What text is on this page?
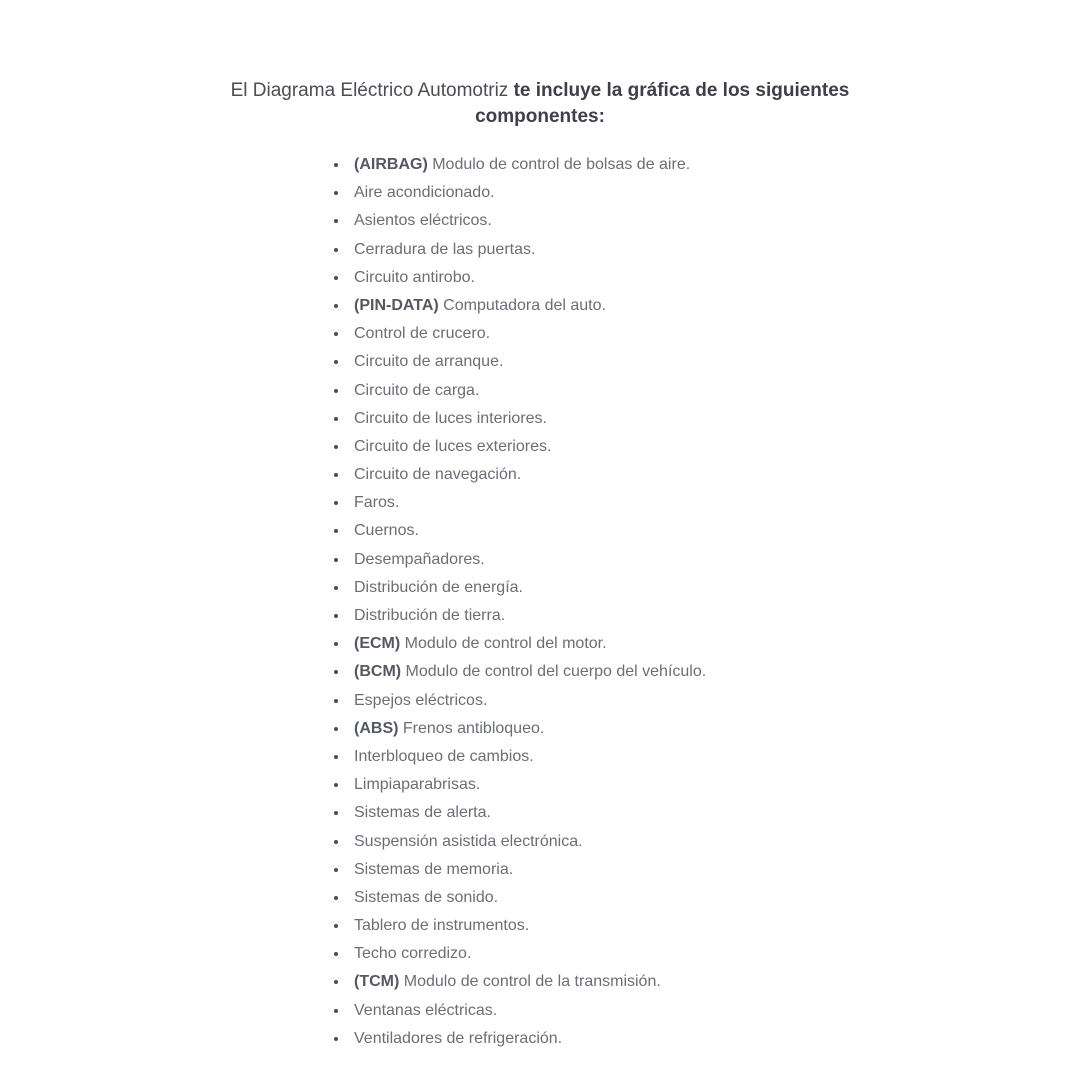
El Diagrama Eléctrico Automotriz te incluye la gráfica de los siguientes componentes:
(AIRBAG) Modulo de control de bolsas de aire.
Aire acondicionado.
Asientos eléctricos.
Cerradura de las puertas.
Circuito antirobo.
(PIN-DATA) Computadora del auto.
Control de crucero.
Circuito de arranque.
Circuito de carga.
Circuito de luces interiores.
Circuito de luces exteriores.
Circuito de navegación.
Faros.
Cuernos.
Desempañadores.
Distribución de energía.
Distribución de tierra.
(ECM) Modulo de control del motor.
(BCM) Modulo de control del cuerpo del vehículo.
Espejos eléctricos.
(ABS) Frenos antibloqueo.
Interbloqueo de cambios.
Limpiaparabrisas.
Sistemas de alerta.
Suspensión asistida electrónica.
Sistemas de memoria.
Sistemas de sonido.
Tablero de instrumentos.
Techo corredizo.
(TCM) Modulo de control de la transmisión.
Ventanas eléctricas.
Ventiladores de refrigeración.
